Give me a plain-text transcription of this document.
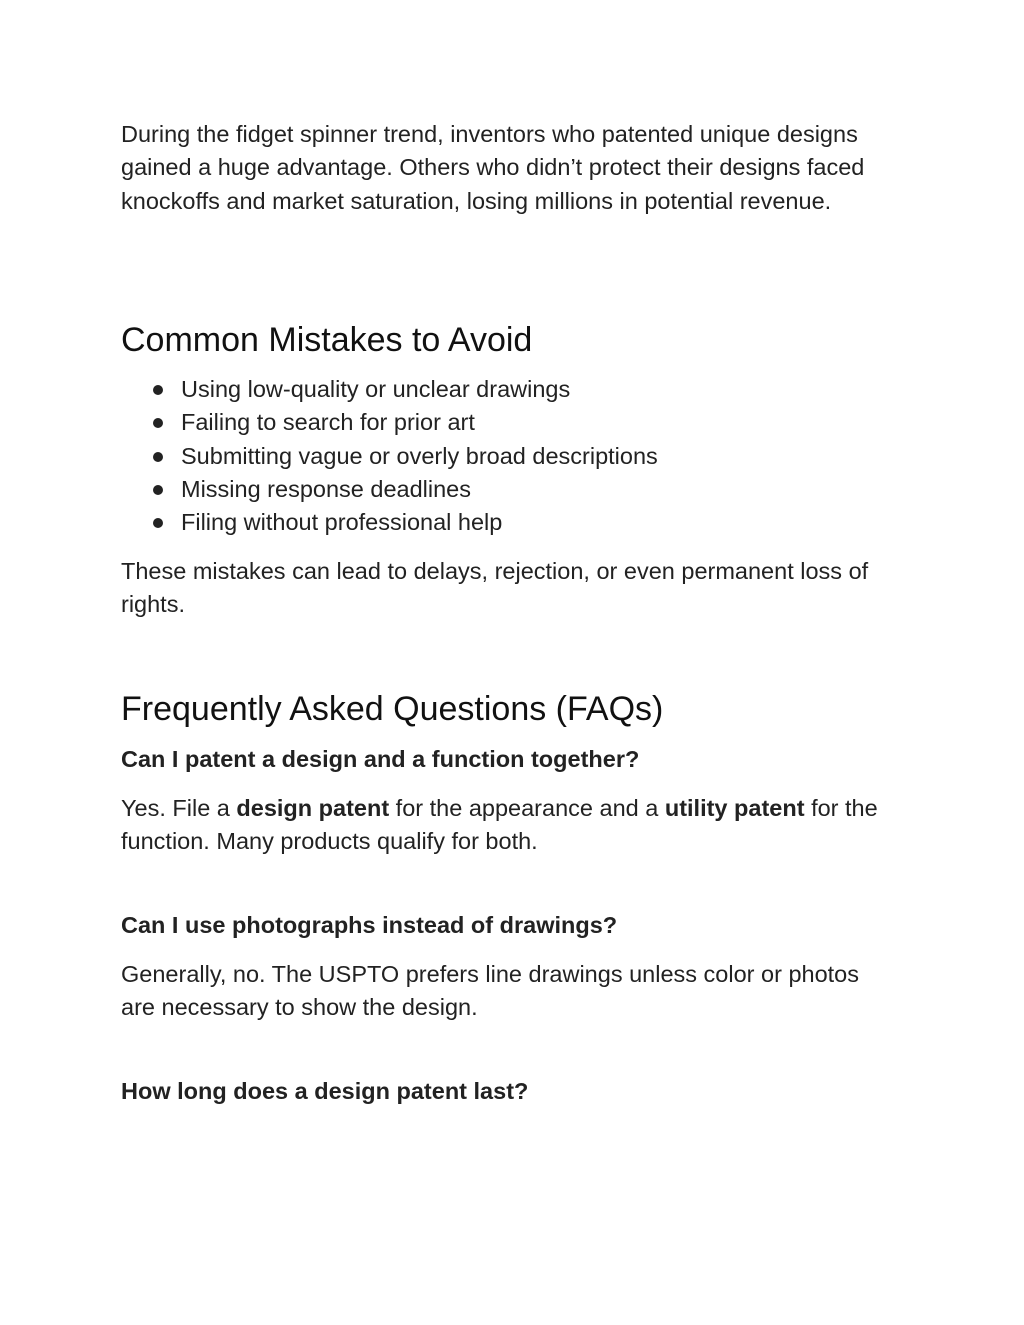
During the fidget spinner trend, inventors who patented unique designs gained a huge advantage. Others who didn’t protect their designs faced knockoffs and market saturation, losing millions in potential revenue.

Common Mistakes to Avoid
Using low-quality or unclear drawings
Failing to search for prior art
Submitting vague or overly broad descriptions
Missing response deadlines
Filing without professional help

These mistakes can lead to delays, rejection, or even permanent loss of rights.

Frequently Asked Questions (FAQs)

Can I patent a design and a function together?

Yes. File a design patent for the appearance and a utility patent for the function. Many products qualify for both.

Can I use photographs instead of drawings?

Generally, no. The USPTO prefers line drawings unless color or photos are necessary to show the design.

How long does a design patent last?
